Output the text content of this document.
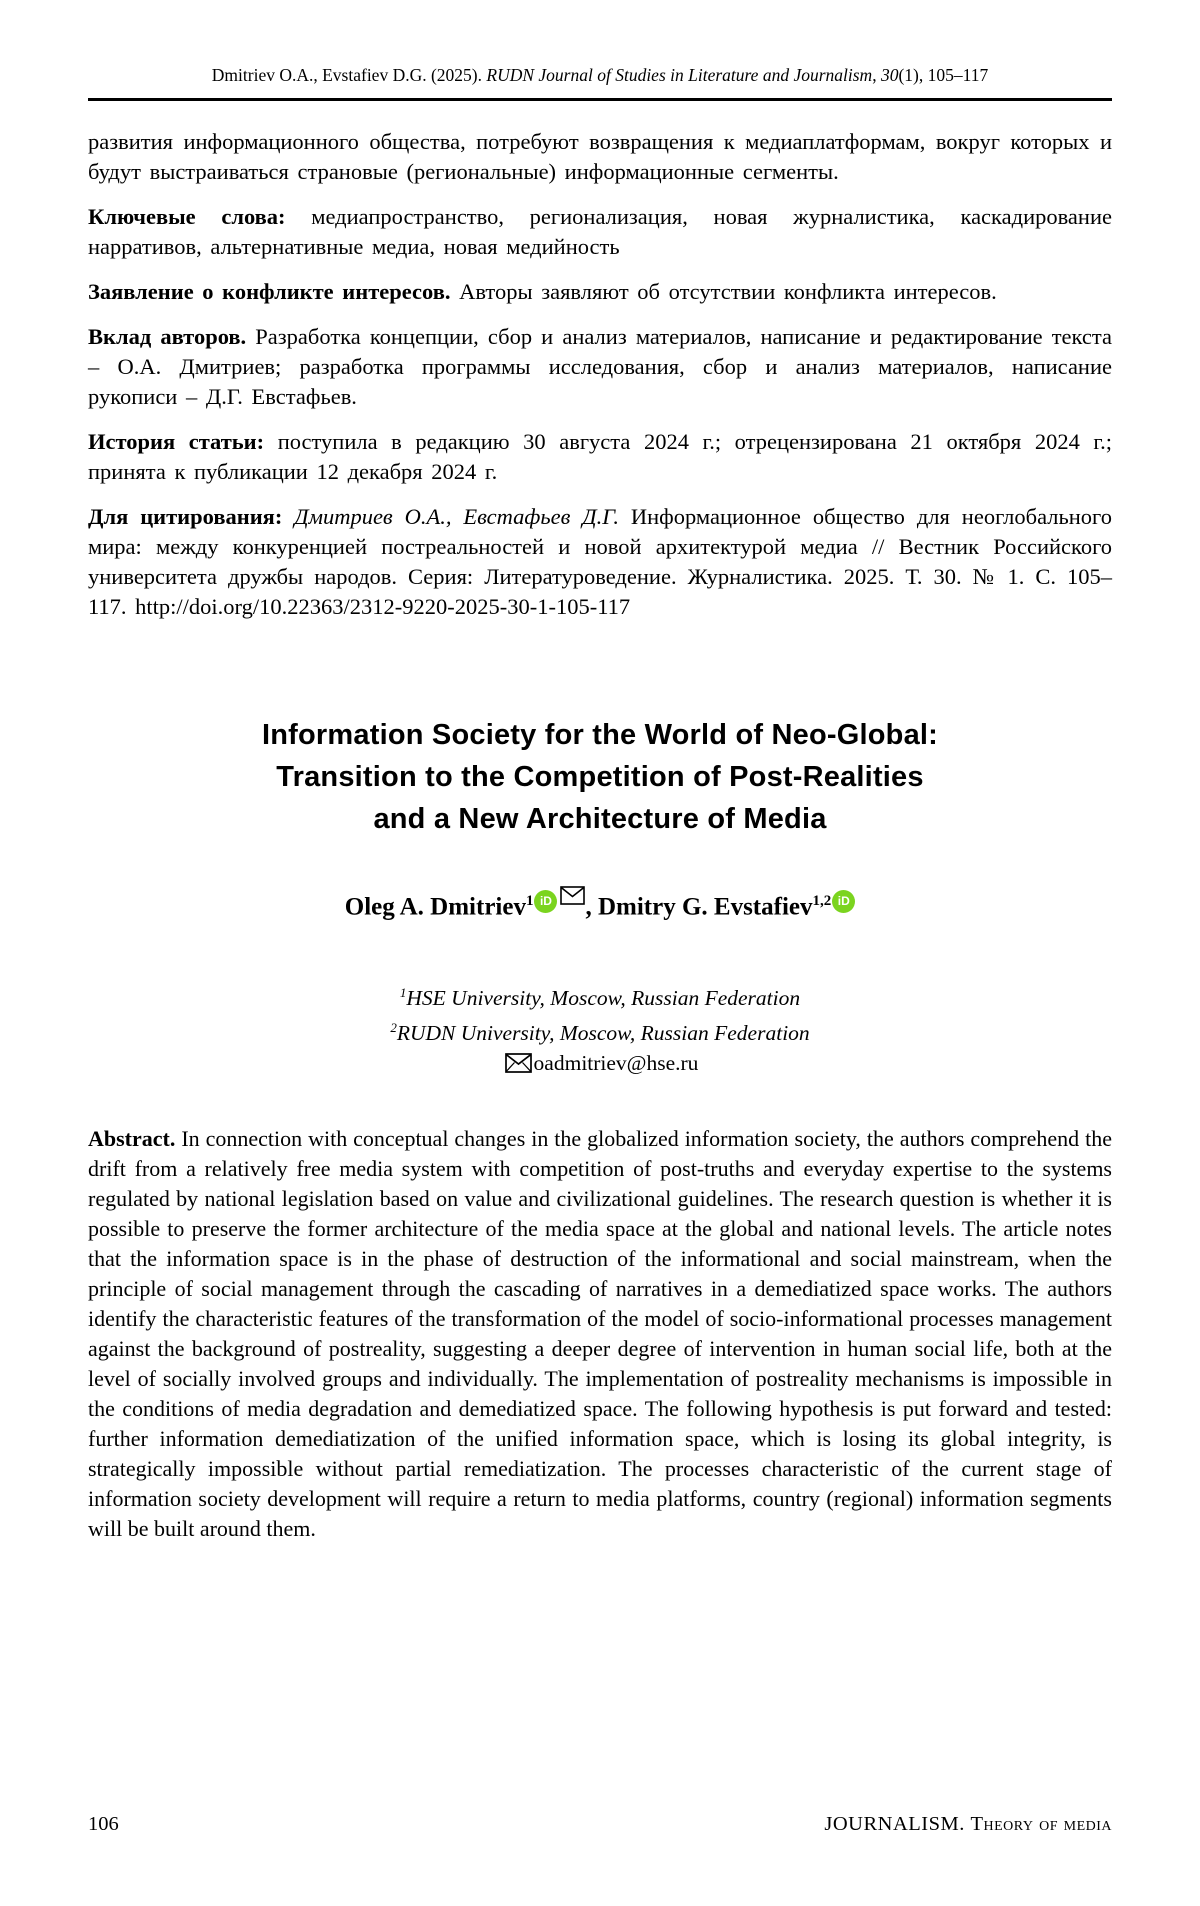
Dmitriev O.A., Evstafiev D.G. (2025). RUDN Journal of Studies in Literature and Journalism, 30(1), 105–117

развития информационного общества, потребуют возвращения к медиаплатформам, вокруг которых и будут выстраиваться страновые (региональные) информационные сегменты.

Ключевые слова: медиапространство, регионализация, новая журналистика, каскадирование нарративов, альтернативные медиа, новая медийность

Заявление о конфликте интересов. Авторы заявляют об отсутствии конфликта интересов.

Вклад авторов. Разработка концепции, сбор и анализ материалов, написание и редактирование текста – О.А. Дмитриев; разработка программы исследования, сбор и анализ материалов, написание рукописи – Д.Г. Евстафьев.

История статьи: поступила в редакцию 30 августа 2024 г.; отрецензирована 21 октября 2024 г.; принята к публикации 12 декабря 2024 г.

Для цитирования: Дмитриев О.А., Евстафьев Д.Г. Информационное общество для неоглобального мира: между конкуренцией постреальностей и новой архитектурой медиа // Вестник Российского университета дружбы народов. Серия: Литературоведение. Журналистика. 2025. Т. 30. № 1. С. 105–117. http://doi.org/10.22363/2312-9220-2025-30-1-105-117

Information Society for the World of Neo-Global:
Transition to the Competition of Post-Realities
and a New Architecture of Media
Oleg A. Dmitriev$^1$ iD , Dmitry G. Evstafiev$^{1,2}$ iD
$^1$HSE University, Moscow, Russian Federation
$^2$RUDN University, Moscow, Russian Federation
oadmitriev@hse.ru

Abstract. In connection with conceptual changes in the globalized information society, the authors comprehend the drift from a relatively free media system with competition of post-truths and everyday expertise to the systems regulated by national legislation based on value and civilizational guidelines. The research question is whether it is possible to preserve the former architecture of the media space at the global and national levels. The article notes that the information space is in the phase of destruction of the informational and social mainstream, when the principle of social management through the cascading of narratives in a demediatized space works. The authors identify the characteristic features of the transformation of the model of socio-informational processes management against the background of postreality, suggesting a deeper degree of intervention in human social life, both at the level of socially involved groups and individually. The implementation of postreality mechanisms is impossible in the conditions of media degradation and demediatized space. The following hypothesis is put forward and tested: further information demediatization of the unified information space, which is losing its global integrity, is strategically impossible without partial remediatization. The processes characteristic of the current stage of information society development will require a return to media platforms, country (regional) information segments will be built around them.

106	JOURNALISM. Theory of media
